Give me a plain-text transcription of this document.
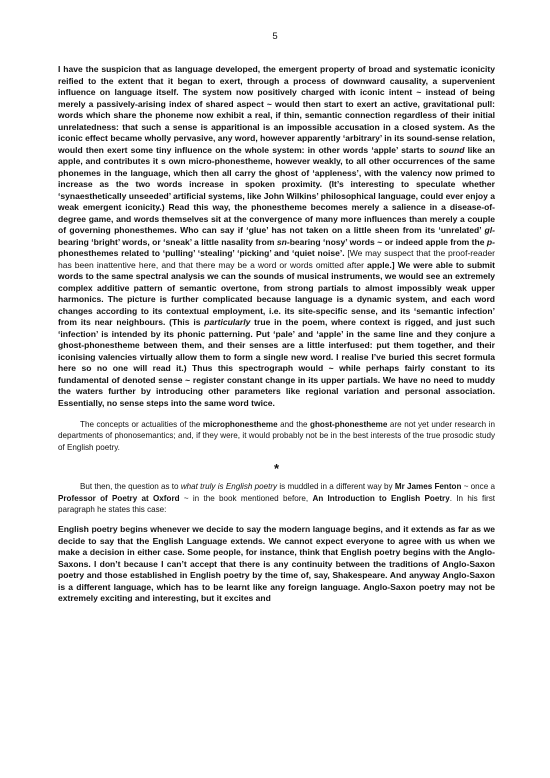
5

I have the suspicion that as language developed, the emergent property of broad and systematic iconicity reified to the extent that it began to exert, through a process of downward causality, a supervenient influence on language itself. The system now positively charged with iconic intent ~ instead of being merely a passively-arising index of shared aspect ~ would then start to exert an active, gravitational pull: words which share the phoneme now exhibit a real, if thin, semantic connection regardless of their initial unrelatedness: that such a sense is apparitional is an impossible accusation in a closed system. As the iconic effect became wholly pervasive, any word, however apparently ‘arbitrary’ in its sound-sense relation, would then exert some tiny influence on the whole system: in other words ‘apple’ starts to sound like an apple, and contributes it s own micro-phonestheme, however weakly, to all other occurrences of the same phonemes in the language, which then all carry the ghost of ‘appleness’, with the valency now primed to increase as the two words increase in spoken proximity. (It’s interesting to speculate whether ‘synaesthetically unseeded’ artificial systems, like John Wilkins’ philosophical language, could ever enjoy a weak emergent iconicity.) Read this way, the phonestheme becomes merely a salience in a disease-of-degree game, and words themselves sit at the convergence of many more influences than merely a couple of governing phonesthemes. Who can say if ‘glue’ has not taken on a little sheen from its ‘unrelated’ gl- bearing ‘bright’ words, or ‘sneak’ a little nasality from sn-bearing ‘nosy’ words ~ or indeed apple from the p- phonesthemes related to ‘pulling’ ‘stealing’ ‘picking’ and ‘quiet noise’. [We may suspect that the proof-reader has been inattentive here, and that there may be a word or words omitted after apple.] We were able to submit words to the same spectral analysis we can the sounds of musical instruments, we would see an extremely complex additive pattern of semantic overtone, from strong partials to almost impossibly weak upper harmonics. The picture is further complicated because language is a dynamic system, and each word changes according to its contextual employment, i.e. its site-specific sense, and its ‘semantic infection’ from its near neighbours. (This is particularly true in the poem, where context is rigged, and just such ‘infection’ is intended by its phonic patterning. Put ‘pale’ and ‘apple’ in the same line and they conjure a ghost-phonestheme between them, and their senses are a little interfused: put them together, and their iconising valencies virtually allow them to form a single new word. I realise I’ve buried this secret formula here so no one will read it.) Thus this spectrograph would ~ while perhaps fairly constant to its fundamental of denoted sense ~ register constant change in its upper partials. We have no need to muddy the waters further by introducing other parameters like regional variation and personal association. Essentially, no sense steps into the same word twice.

The concepts or actualities of the microphonestheme and the ghost-phonestheme are not yet under research in departments of phonosemantics; and, if they were, it would probably not be in the best interests of the true prosodic study of English poetry.

*

But then, the question as to what truly is English poetry is muddled in a different way by Mr James Fenton ~ once a Professor of Poetry at Oxford ~ in the book mentioned before, An Introduction to English Poetry. In his first paragraph he states this case:

English poetry begins whenever we decide to say the modern language begins, and it extends as far as we decide to say that the English Language extends. We cannot expect everyone to agree with us when we make a decision in either case. Some people, for instance, think that English poetry begins with the Anglo-Saxons. I don’t because I can’t accept that there is any continuity between the traditions of Anglo-Saxon poetry and those established in English poetry by the time of, say, Shakespeare. And anyway Anglo-Saxon is a different language, which has to be learnt like any foreign language. Anglo-Saxon poetry may not be extremely exciting and interesting, but it excites and
